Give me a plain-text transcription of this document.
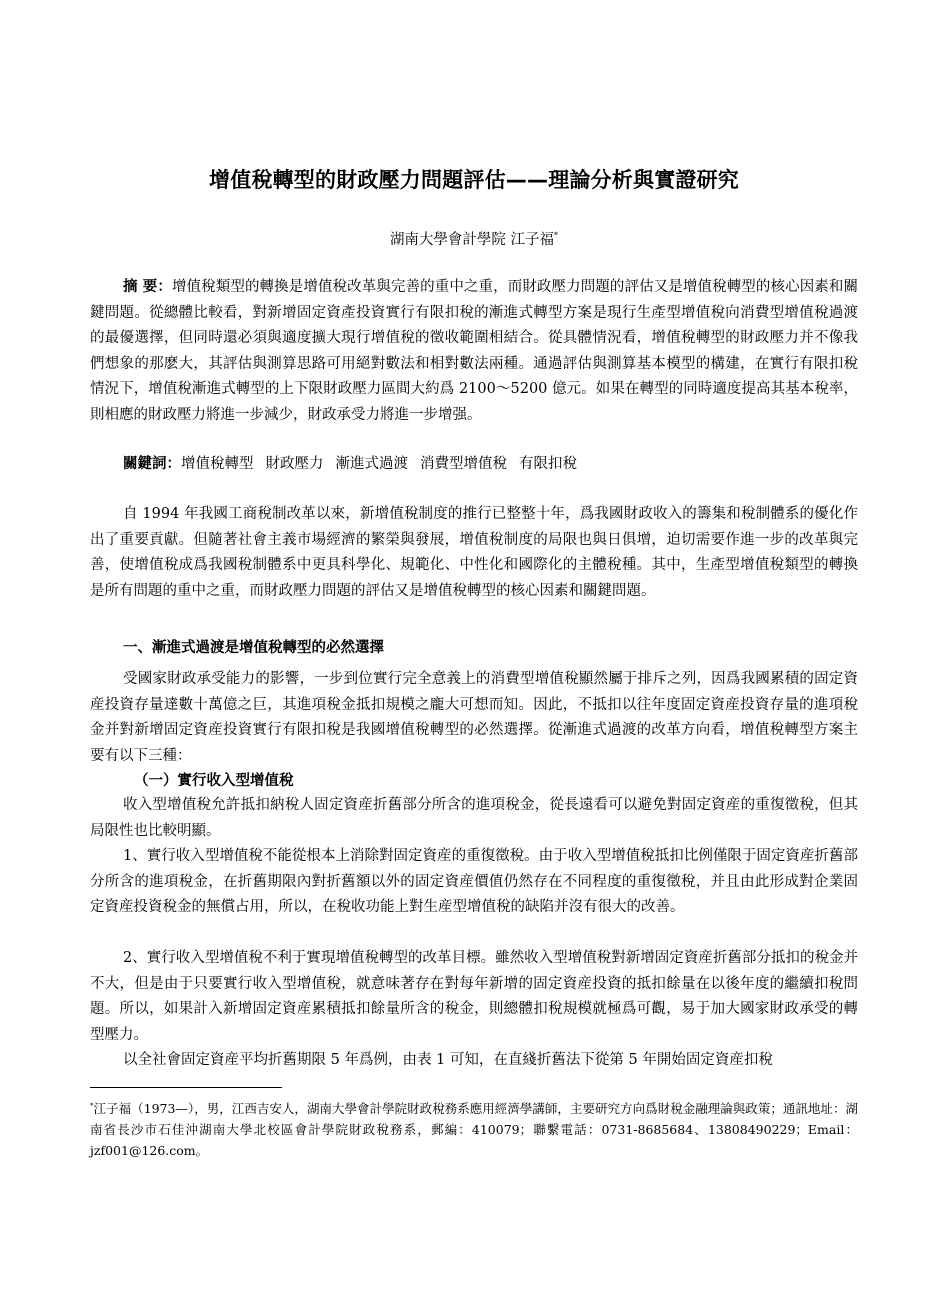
增值稅轉型的財政壓力問題評估——理論分析與實證研究
湖南大學會計學院 江子福*

摘 要：增值稅類型的轉換是增值稅改革與完善的重中之重，而財政壓力問題的評估又是增值稅轉型的核心因素和關鍵問題。從總體比較看，對新增固定資產投資實行有限扣稅的漸進式轉型方案是現行生產型增值稅向消費型增值稅過渡的最優選擇，但同時還必須與適度擴大現行增值稅的徵收範圍相結合。從具體情況看，增值稅轉型的財政壓力并不像我們想象的那麽大，其評估與測算思路可用絕對數法和相對數法兩種。通過評估與測算基本模型的構建，在實行有限扣稅情況下，增值稅漸進式轉型的上下限財政壓力區間大約爲 2100～5200 億元。如果在轉型的同時適度提高其基本稅率，則相應的財政壓力將進一步減少，財政承受力將進一步增强。

關鍵詞：增值稅轉型 財政壓力 漸進式過渡 消費型增值稅 有限扣稅

自 1994 年我國工商稅制改革以來，新增值稅制度的推行已整整十年，爲我國財政收入的籌集和稅制體系的優化作出了重要貢獻。但隨著社會主義市場經濟的繁榮與發展，增值稅制度的局限也與日俱增，迫切需要作進一步的改革與完善，使增值稅成爲我國稅制體系中更具科學化、規範化、中性化和國際化的主體稅種。其中，生產型增值稅類型的轉換是所有問題的重中之重，而財政壓力問題的評估又是增值稅轉型的核心因素和關鍵問題。

一、漸進式過渡是增值稅轉型的必然選擇

受國家財政承受能力的影響，一步到位實行完全意義上的消費型增值稅顯然屬于排斥之列，因爲我國累積的固定資産投資存量達數十萬億之巨，其進項稅金抵扣規模之龐大可想而知。因此，不抵扣以往年度固定資産投資存量的進項稅金并對新增固定資産投資實行有限扣稅是我國增值稅轉型的必然選擇。從漸進式過渡的改革方向看，增值稅轉型方案主要有以下三種：

（一）實行收入型增值稅

收入型增值稅允許抵扣納稅人固定資産折舊部分所含的進項稅金，從長遠看可以避免對固定資産的重復徵稅，但其局限性也比較明顯。

1、實行收入型增值稅不能從根本上消除對固定資産的重復徵稅。由于收入型增值稅抵扣比例僅限于固定資産折舊部分所含的進項稅金，在折舊期限內對折舊額以外的固定資産價值仍然存在不同程度的重復徵稅，并且由此形成對企業固定資産投資稅金的無償占用，所以，在稅收功能上對生産型增值稅的缺陷并沒有很大的改善。

2、實行收入型增值稅不利于實現增值稅轉型的改革目標。雖然收入型增值稅對新增固定資産折舊部分抵扣的稅金并不大，但是由于只要實行收入型增值稅，就意味著存在對每年新增的固定資産投資的抵扣餘量在以後年度的繼續扣稅問題。所以，如果計入新增固定資産累積抵扣餘量所含的稅金，則總體扣稅規模就極爲可觀，易于加大國家財政承受的轉型壓力。

以全社會固定資産平均折舊期限 5 年爲例，由表 1 可知，在直綫折舊法下從第 5 年開始固定資産扣稅

*江子福（1973—），男，江西吉安人，湖南大學會計學院財政稅務系應用經濟學講師，主要研究方向爲財稅金融理論與政策；通訊地址：湖南省長沙市石佳沖湖南大學北校區會計學院財政稅務系，郵編：410079；聯繫電話：0731-8685684、13808490229；Email：jzf001@126.com。
